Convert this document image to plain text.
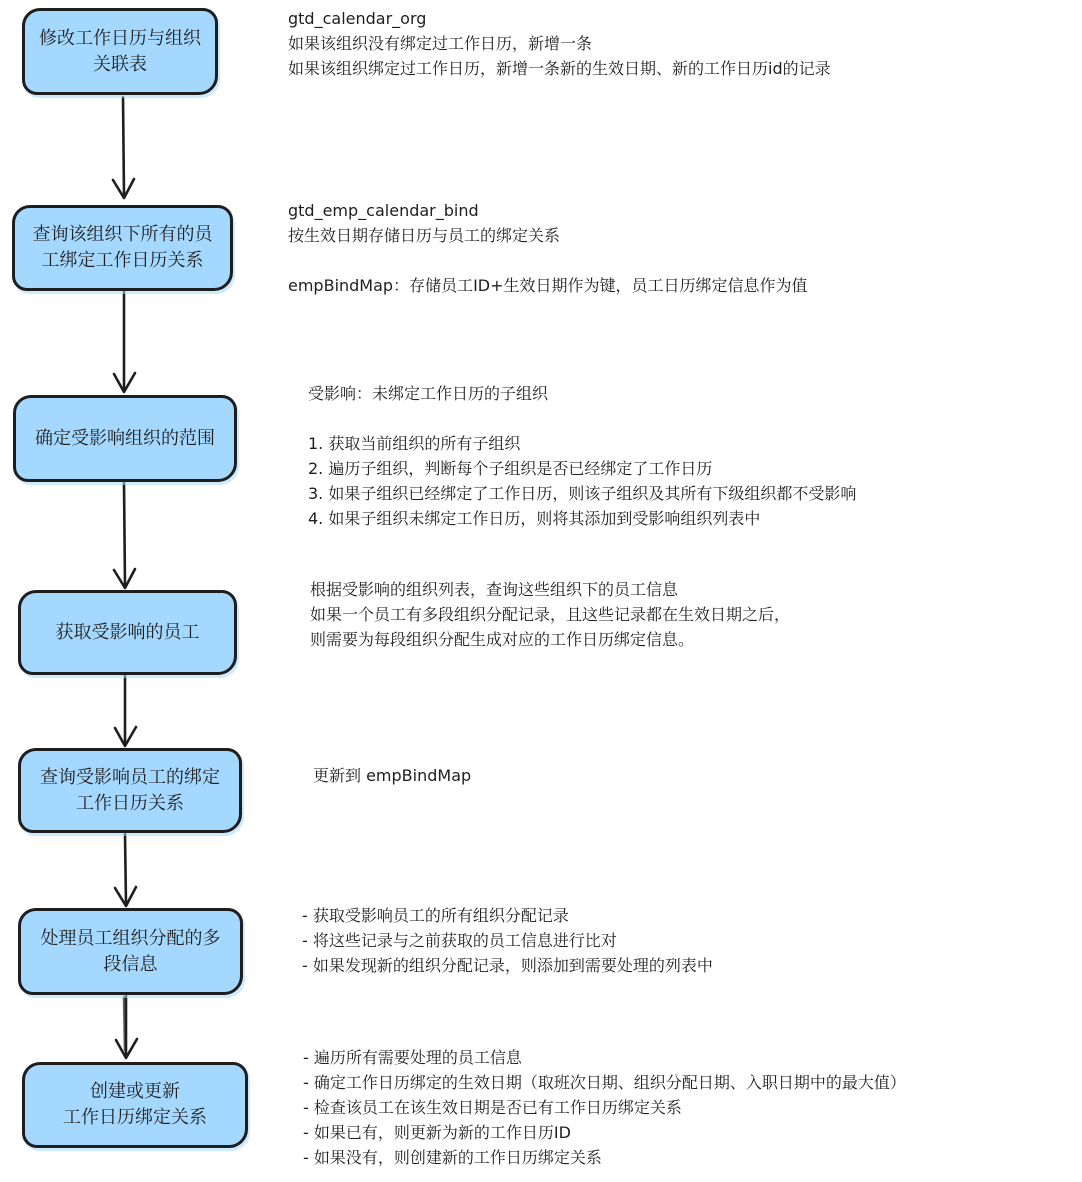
修改工作日历与组织
关联表
查询该组织下所有的员
工绑定工作日历关系
确定受影响组织的范围
获取受影响的员工
查询受影响员工的绑定
工作日历关系
处理员工组织分配的多
段信息
创建或更新
工作日历绑定关系
gtd_calendar_org
如果该组织没有绑定过工作日历，新增一条
如果该组织绑定过工作日历，新增一条新的生效日期、新的工作日历id的记录
gtd_emp_calendar_bind
按生效日期存储日历与员工的绑定关系
empBindMap：存储员工ID+生效日期作为键，员工日历绑定信息作为值
受影响：未绑定工作日历的子组织
1. 获取当前组织的所有子组织
2. 遍历子组织，判断每个子组织是否已经绑定了工作日历
3. 如果子组织已经绑定了工作日历，则该子组织及其所有下级组织都不受影响
4. 如果子组织未绑定工作日历，则将其添加到受影响组织列表中
根据受影响的组织列表，查询这些组织下的员工信息
如果一个员工有多段组织分配记录，且这些记录都在生效日期之后，
则需要为每段组织分配生成对应的工作日历绑定信息。
更新到 empBindMap
- 获取受影响员工的所有组织分配记录
- 将这些记录与之前获取的员工信息进行比对
- 如果发现新的组织分配记录，则添加到需要处理的列表中
- 遍历所有需要处理的员工信息
- 确定工作日历绑定的生效日期（取班次日期、组织分配日期、入职日期中的最大值）
- 检查该员工在该生效日期是否已有工作日历绑定关系
- 如果已有，则更新为新的工作日历ID
- 如果没有，则创建新的工作日历绑定关系
